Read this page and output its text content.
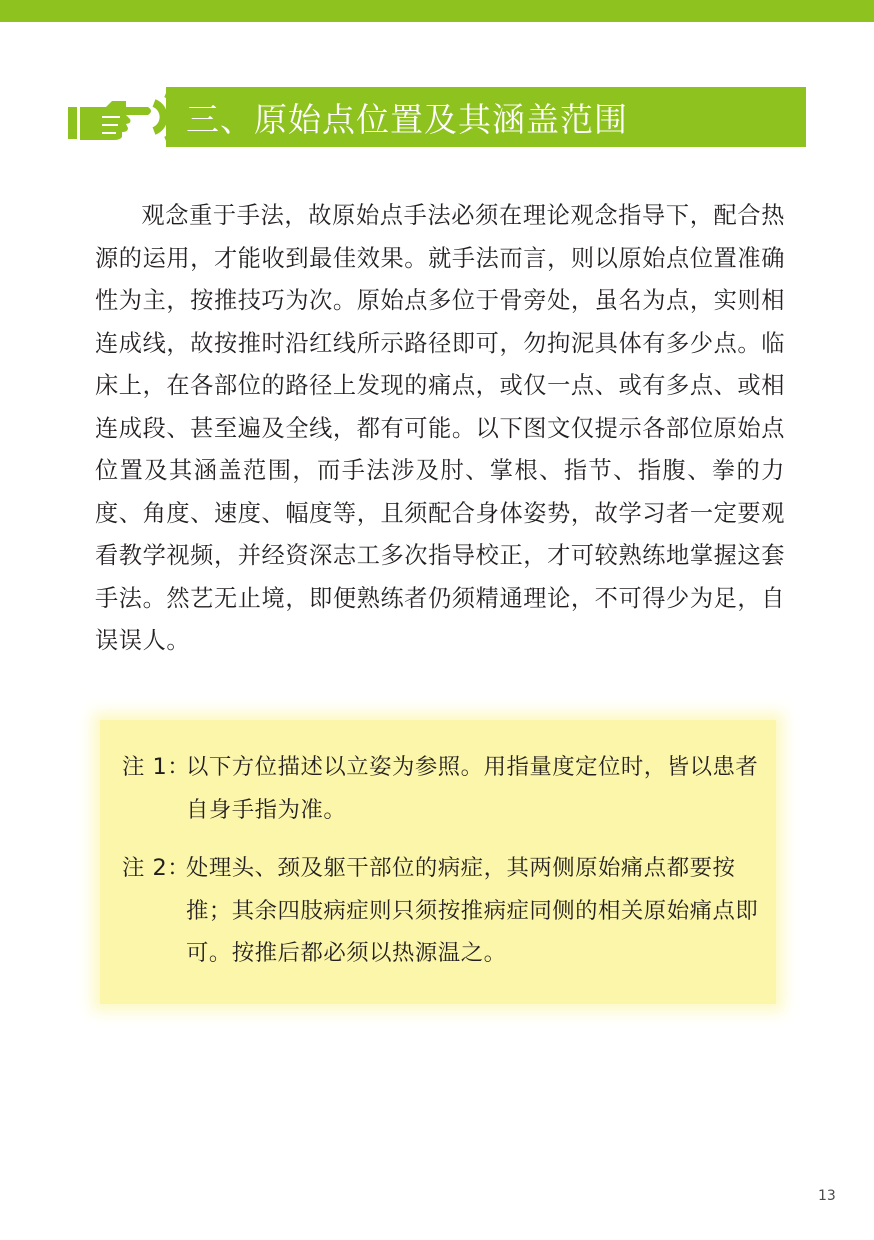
三、原始点位置及其涵盖范围

观念重于手法，故原始点手法必须在理论观念指导下，配合热源的运用，才能收到最佳效果。就手法而言，则以原始点位置准确性为主，按推技巧为次。原始点多位于骨旁处，虽名为点，实则相连成线，故按推时沿红线所示路径即可，勿拘泥具体有多少点。临床上，在各部位的路径上发现的痛点，或仅一点、或有多点、或相连成段、甚至遍及全线，都有可能。以下图文仅提示各部位原始点位置及其涵盖范围，而手法涉及肘、掌根、指节、指腹、拳的力度、角度、速度、幅度等，且须配合身体姿势，故学习者一定要观看教学视频，并经资深志工多次指导校正，才可较熟练地掌握这套手法。然艺无止境，即便熟练者仍须精通理论，不可得少为足，自误误人。

注 1：
以下方位描述以立姿为参照。用指量度定位时，皆以患者自身手指为准。
注 2：
处理头、颈及躯干部位的病症，其两侧原始痛点都要按推；其余四肢病症则只须按推病症同侧的相关原始痛点即可。按推后都必须以热源温之。
13
